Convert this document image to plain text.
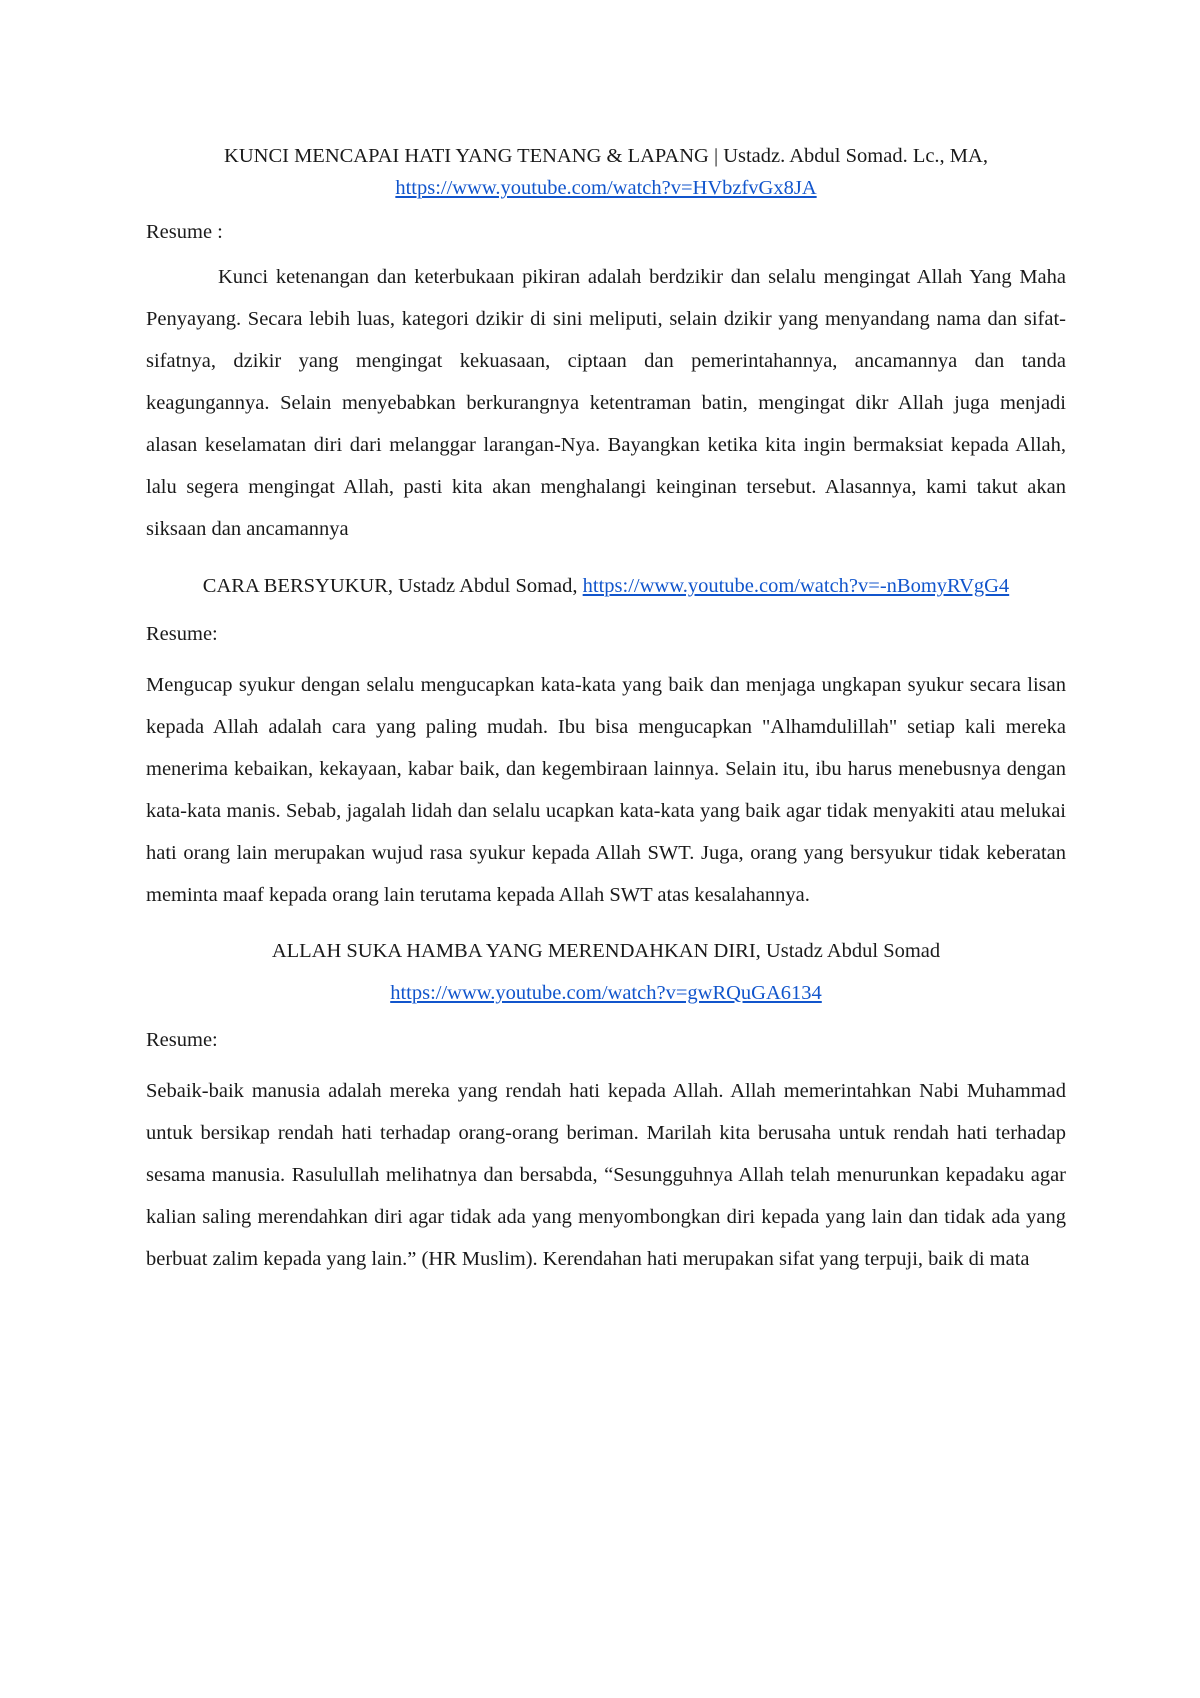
KUNCI MENCAPAI HATI YANG TENANG & LAPANG | Ustadz. Abdul Somad. Lc., MA,
https://www.youtube.com/watch?v=HVbzfvGx8JA

Resume :

Kunci ketenangan dan keterbukaan pikiran adalah berdzikir dan selalu mengingat Allah Yang Maha Penyayang. Secara lebih luas, kategori dzikir di sini meliputi, selain dzikir yang menyandang nama dan sifat-sifatnya, dzikir yang mengingat kekuasaan, ciptaan dan pemerintahannya, ancamannya dan tanda keagungannya. Selain menyebabkan berkurangnya ketentraman batin, mengingat dikr Allah juga menjadi alasan keselamatan diri dari melanggar larangan-Nya. Bayangkan ketika kita ingin bermaksiat kepada Allah, lalu segera mengingat Allah, pasti kita akan menghalangi keinginan tersebut. Alasannya, kami takut akan siksaan dan ancamannya

CARA BERSYUKUR, Ustadz Abdul Somad, https://www.youtube.com/watch?v=-nBomyRVgG4

Resume:

Mengucap syukur dengan selalu mengucapkan kata-kata yang baik dan menjaga ungkapan syukur secara lisan kepada Allah adalah cara yang paling mudah. Ibu bisa mengucapkan "Alhamdulillah" setiap kali mereka menerima kebaikan, kekayaan, kabar baik, dan kegembiraan lainnya. Selain itu, ibu harus menebusnya dengan kata-kata manis. Sebab, jagalah lidah dan selalu ucapkan kata-kata yang baik agar tidak menyakiti atau melukai hati orang lain merupakan wujud rasa syukur kepada Allah SWT. Juga, orang yang bersyukur tidak keberatan meminta maaf kepada orang lain terutama kepada Allah SWT atas kesalahannya.

ALLAH SUKA HAMBA YANG MERENDAHKAN DIRI, Ustadz Abdul Somad
https://www.youtube.com/watch?v=gwRQuGA6134

Resume:

Sebaik-baik manusia adalah mereka yang rendah hati kepada Allah. Allah memerintahkan Nabi Muhammad untuk bersikap rendah hati terhadap orang-orang beriman. Marilah kita berusaha untuk rendah hati terhadap sesama manusia. Rasulullah melihatnya dan bersabda, “Sesungguhnya Allah telah menurunkan kepadaku agar kalian saling merendahkan diri agar tidak ada yang menyombongkan diri kepada yang lain dan tidak ada yang berbuat zalim kepada yang lain.” (HR Muslim). Kerendahan hati merupakan sifat yang terpuji, baik di mata
